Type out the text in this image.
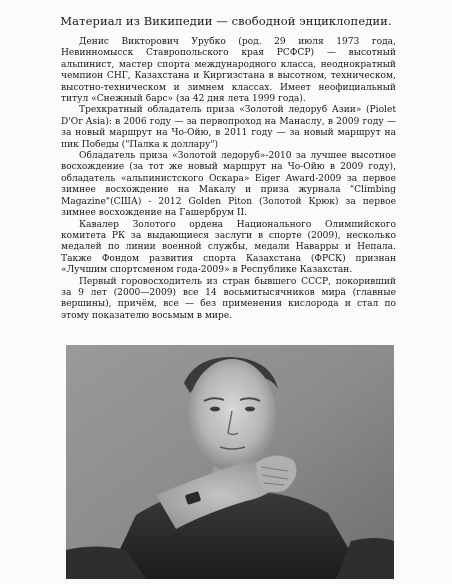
Материал из Википедии — свободной энциклопедии.

Денис Викторович Урубко (род. 29 июля 1973 года, Невинномысск Ставропольского края РСФСР) — высотный альпинист, мастер спорта международного класса, неоднократный чемпион СНГ, Казахстана и Киргизстана в высотном, техническом, высотно-техническом и зимнем классах. Имеет неофициальный титул «Снежный барс» (за 42 дня лета 1999 года).

Трехкратный обладатель приза «Золотой ледоруб Азии» (Piolet D'Or Asia): в 2006 году — за первопроход на Манаслу, в 2009 году — за новый маршрут на Чо-Ойю, в 2011 году — за новый маршрут на пик Победы ("Палка к доллару")

Обладатель приза «Золотой ледоруб»-2010 за лучшее высотное восхождение (за тот же новый маршрут на Чо-Ойю в 2009 году), обладатель «альпинистского Оскара» Eiger Award-2009 за первое зимнее восхождение на Макалу и приза журнала "Climbing Magazine"(США) - 2012 Golden Piton (Золотой Крюк) за первое зимнее восхождение на Гашербрум II.

Кавалер Золотого ордена Национального Олимпийского комитета РК за выдающиеся заслуги в спорте (2009), несколько медалей по линии военной службы, медали Наварры и Непала. Также Фондом развития спорта Казахстана (ФРСК) признан «Лучшим спортсменом года-2009» в Республике Казахстан.

Первый горовосходитель из стран бывшего СССР, покоривший за 9 лет (2000—2009) все 14 восьмитысячников мира (главные вершины), причём, все — без применения кислорода и стал по этому показателю восьмым в мире.
